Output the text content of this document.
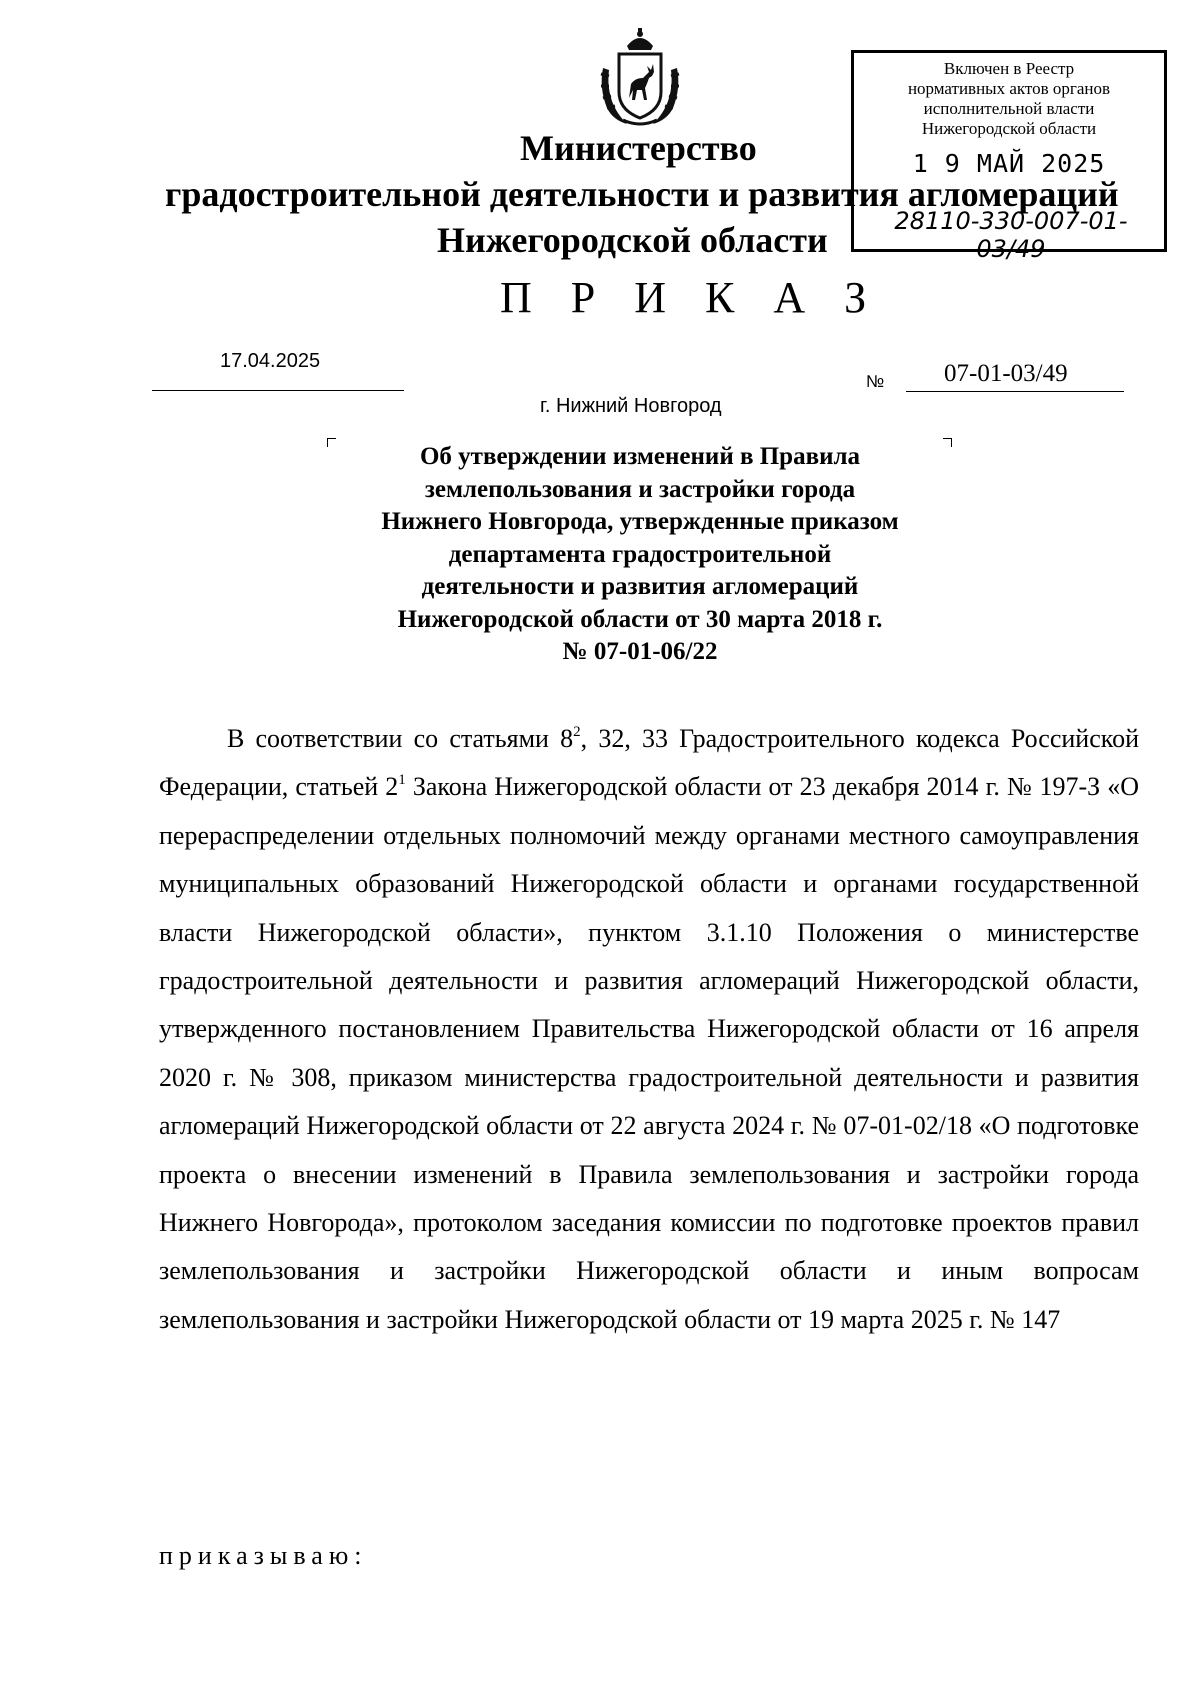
Министерство
градостроительной деятельности и развития агломераций
Нижегородской области
Включен в Реестр
нормативных актов органов
исполнительной власти
Нижегородской области
1 9 МАЙ 2025
28110-330-007-01-03/49
П Р И К А З
17.04.2025
№ 07-01-03/49
г. Нижний Новгород
Об утверждении изменений в Правила
землепользования и застройки города
Нижнего Новгорода, утвержденные приказом
департамента градостроительной
деятельности и развития агломераций
Нижегородской области от 30 марта 2018 г.
№ 07-01-06/22
В соответствии со статьями $8^2$, 32, 33 Градостроительного кодекса Российской Федерации, статьей $2^1$ Закона Нижегородской области от 23 декабря 2014 г. № 197-З «О перераспределении отдельных полномочий между органами местного самоуправления муниципальных образований Нижегородской области и органами государственной власти Нижегородской области», пунктом 3.1.10 Положения о министерстве градостроительной деятельности и развития агломераций Нижегородской области, утвержденного постановлением Правительства Нижегородской области от 16 апреля 2020 г. № 308, приказом министерства градостроительной деятельности и развития агломераций Нижегородской области от 22 августа 2024 г. № 07-01-02/18 «О подготовке проекта о внесении изменений в Правила землепользования и застройки города Нижнего Новгорода», протоколом заседания комиссии по подготовке проектов правил землепользования и застройки Нижегородской области и иным вопросам землепользования и застройки Нижегородской области от 19 марта 2025 г. № 147
приказываю:
